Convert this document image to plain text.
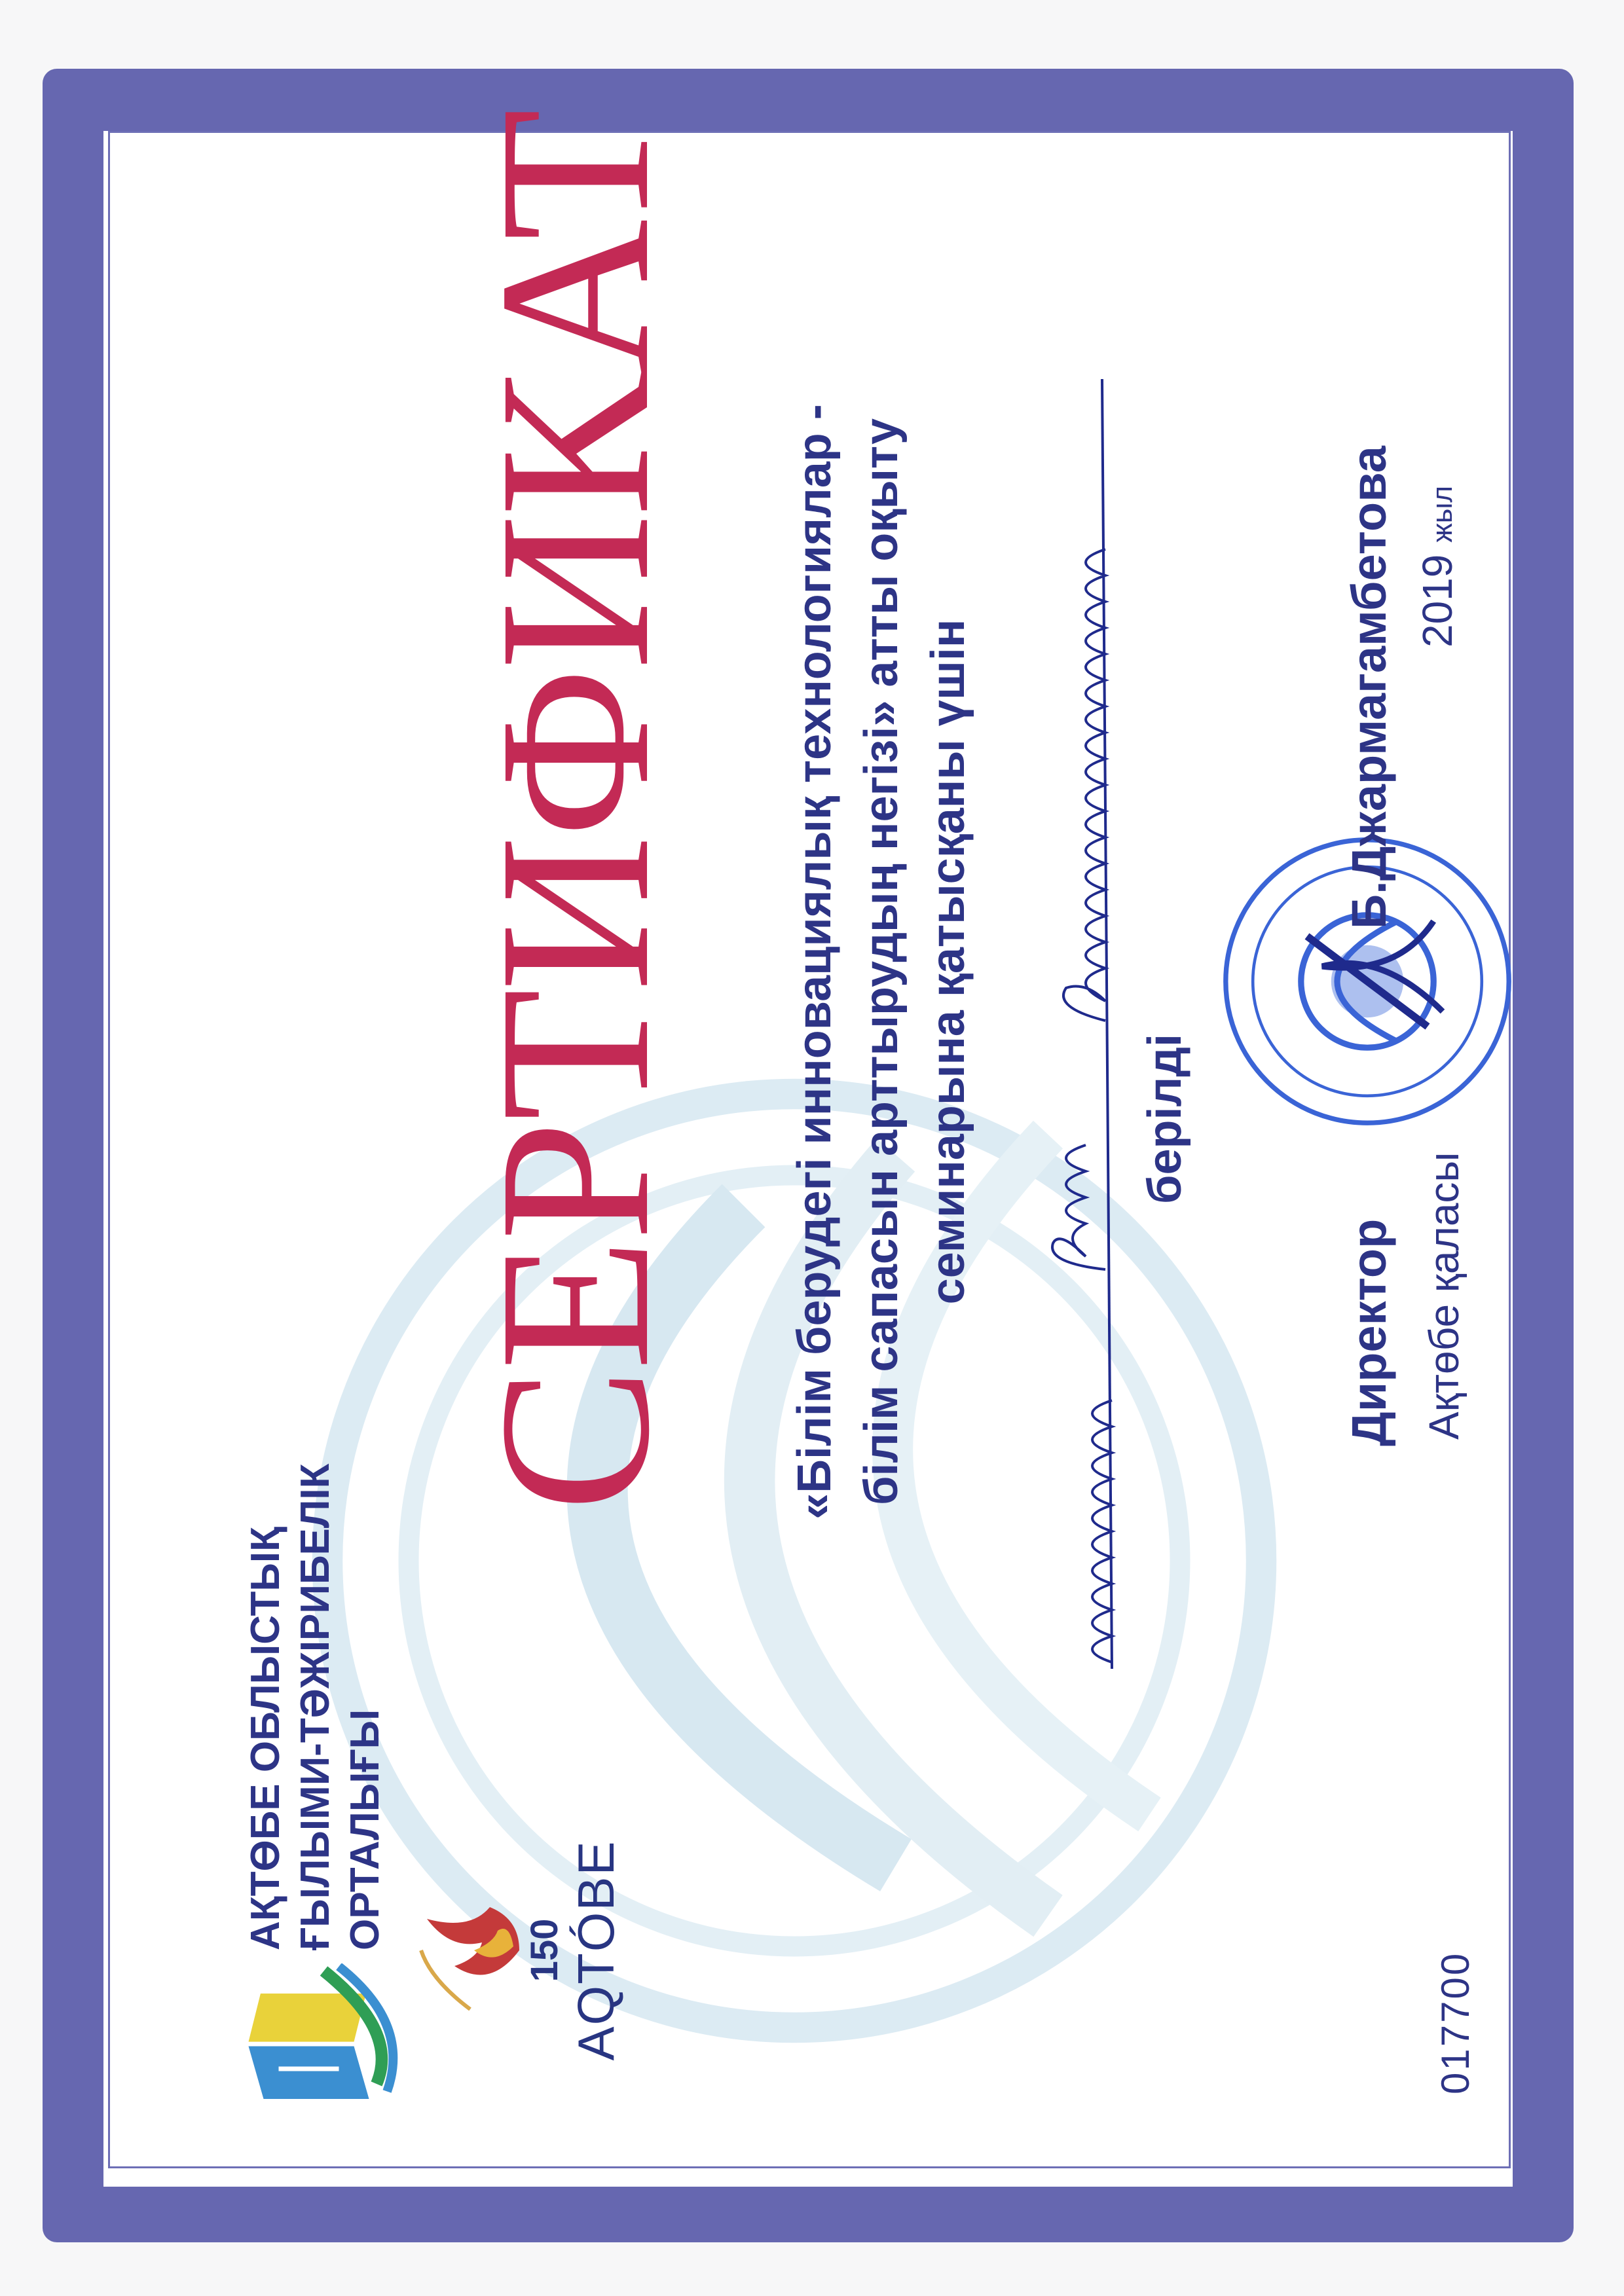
АҚТӨБЕ ОБЛЫСТЫҚ ҒЫЛЫМИ-ТӘЖІРИБЕЛІК ОРТАЛЫҒЫ	150 AQTÓBE
СЕРТИФИКАТ «Білім берудегі инновациялық технологиялар - білім сапасын арттырудың негізі» атты оқыту семинарына қатысқаны үшін	берілді
Директор
Б.Джармагамбетова
Ақтөбе қаласы
2019жыл
017700
